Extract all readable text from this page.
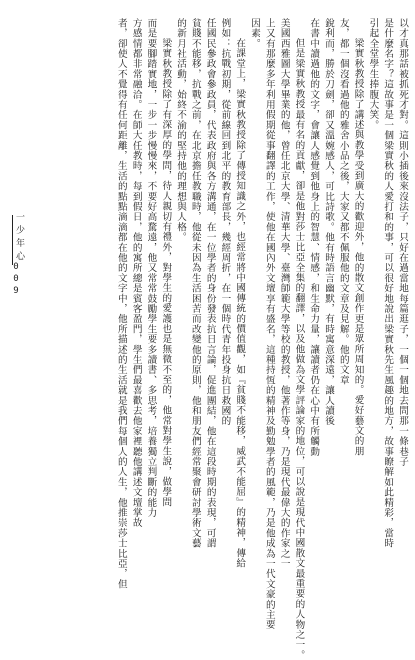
一少年心
009	以才真那話被抓死才對。這則小插後來沒法子，只好在過當地每篇逛子，一個一個地去問那一條巷子
是什麼名字？這故事是一個梁實秋的人愛打和的事，可以很好地說出梁實秋先生風趣的地方，故事瞭解如此精彩，當時
引起全堂學生捧腹大笑。
梁實秋教授除了講述與教學受到廣大的歡迎外，他的散文創作更是眾所周知的。愛好藝文的朋
友，都一個沒看過他的雅舍小品之後，大家又都不佩服他的文章及見解。他的文章
銳利而，勝於刀劍，卻又溫婉感人，可比詩歌。他有時語言幽默，有時寓意深遠，讓人讀後
在書中讀過他的文字，會讓人感覺到他身上的智慧、情感，和生命力量，讓讀者仍在心中有所觸動
但是梁實秋教授最有名的貢獻，卻是他對莎士比亞全集的翻譯，以及他做為文學評論家的地位，可以說是現代中國散文最重要的人物之一。
美國西雅圖大學畢業的他，曾任北京大學、清華大學、臺灣師範大學等校的教授，他著作等身，乃是現代最偉大的作家之一
上又有那麼多年利用假期從事翻譯的工作，使他在國內外文壇享有盛名，這種持恆的精神及勤勉學者的風範，乃是他成為一代文豪的主要
因素。
在課堂上，梁實秋教授除了傳授知識之外，也經常將中國傳統的價值觀，如『貧賤不能移，威武不能屈』的精神，傳給
例如：抗戰初期，從前線回到北平的教育部長，幾經周折，在一個時代青年投身抗日救國的
任國民參政會參政員，代表政府與各方溝通，在一位學者的身份發表抗日言論，促進團結，他在這段時期的表現，可謂
貧賤不能移，抗戰之前，在北京擔任教職時，他從未因為生活困苦而改變他的原則，他和朋友們經常聚會研討學術文藝
的新月社活動，始終不渝的堅持他的理想與人格。
梁實秋教授除了有深厚的學問，待人親切有禮外，對學生的愛護也是無微不至的，他常對學生說，做學問
而是要腳踏實地，一步一步慢慢來，不要好高騖遠，他又常常鼓勵學生要多讀書、多思考，培養獨立判斷的能力
方感情都非常融洽。在師大任教時，每到假日，他的寓所總是賓客盈門，學生們最喜歡去他家裡聽他講述文壇掌故
者，卻使人不覺得有任何距離，生活的點點滴滴都在他的文字中，他所描述的生活就是我們每個人的人生，他推崇莎士比亞，但
